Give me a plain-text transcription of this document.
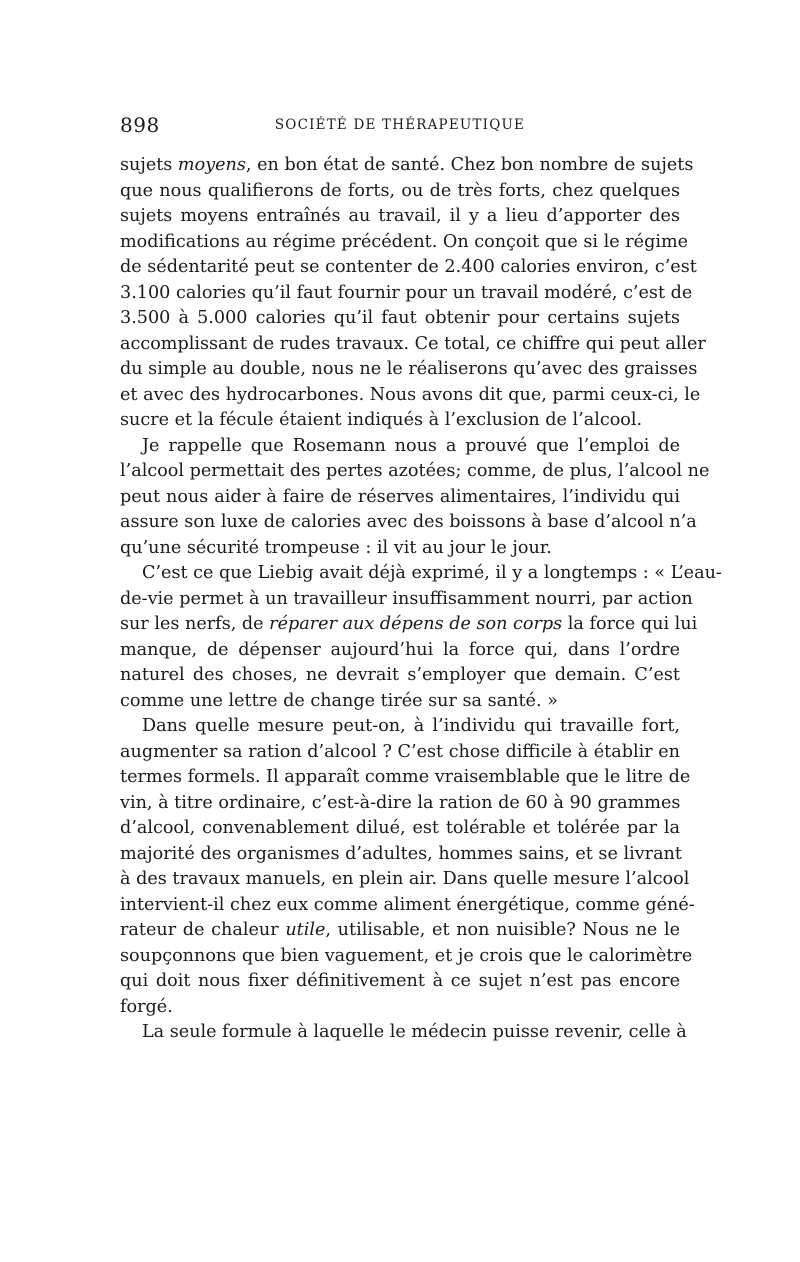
898	SOCIÉTÉ DE THÉRAPEUTIQUE
sujets moyens, en bon état de santé. Chez bon nombre de sujets
que nous qualifierons de forts, ou de très forts, chez quelques
sujets moyens entraînés au travail, il y a lieu d’apporter des
modifications au régime précédent. On conçoit que si le régime
de sédentarité peut se contenter de 2.400 calories environ, c’est
3.100 calories qu’il faut fournir pour un travail modéré, c’est de
3.500 à 5.000 calories qu’il faut obtenir pour certains sujets
accomplissant de rudes travaux. Ce total, ce chiffre qui peut aller
du simple au double, nous ne le réaliserons qu’avec des graisses
et avec des hydrocarbones. Nous avons dit que, parmi ceux-ci, le
sucre et la fécule étaient indiqués à l’exclusion de l’alcool.
Je rappelle que Rosemann nous a prouvé que l’emploi de
l’alcool permettait des pertes azotées; comme, de plus, l’alcool ne
peut nous aider à faire de réserves alimentaires, l’individu qui
assure son luxe de calories avec des boissons à base d’alcool n’a
qu’une sécurité trompeuse : il vit au jour le jour.
C’est ce que Liebig avait déjà exprimé, il y a longtemps : « L’eau-
de-vie permet à un travailleur insuffisamment nourri, par action
sur les nerfs, de réparer aux dépens de son corps la force qui lui
manque, de dépenser aujourd’hui la force qui, dans l’ordre
naturel des choses, ne devrait s’employer que demain. C’est
comme une lettre de change tirée sur sa santé. »
Dans quelle mesure peut-on, à l’individu qui travaille fort,
augmenter sa ration d’alcool ? C’est chose difficile à établir en
termes formels. Il apparaît comme vraisemblable que le litre de
vin, à titre ordinaire, c’est-à-dire la ration de 60 à 90 grammes
d’alcool, convenablement dilué, est tolérable et tolérée par la
majorité des organismes d’adultes, hommes sains, et se livrant
à des travaux manuels, en plein air. Dans quelle mesure l’alcool
intervient-il chez eux comme aliment énergétique, comme géné-
rateur de chaleur utile, utilisable, et non nuisible? Nous ne le
soupçonnons que bien vaguement, et je crois que le calorimètre
qui doit nous fixer définitivement à ce sujet n’est pas encore
forgé.
La seule formule à laquelle le médecin puisse revenir, celle à
